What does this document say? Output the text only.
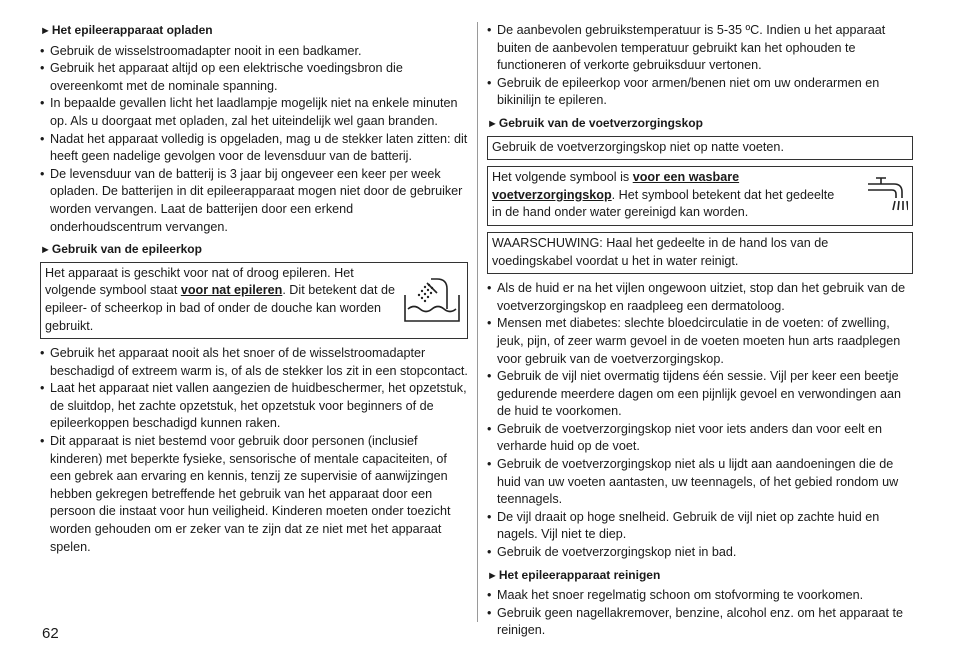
►Het epileerapparaat opladen
• Gebruik de wisselstroomadapter nooit in een badkamer.
• Gebruik het apparaat altijd op een elektrische voedingsbron die overeenkomt met de nominale spanning.
• In bepaalde gevallen licht het laadlampje mogelijk niet na enkele minuten op. Als u doorgaat met opladen, zal het uiteindelijk wel gaan branden.
• Nadat het apparaat volledig is opgeladen, mag u de stekker laten zitten: dit heeft geen nadelige gevolgen voor de levensduur van de batterij.
• De levensduur van de batterij is 3 jaar bij ongeveer een keer per week opladen. De batterijen in dit epileerapparaat mogen niet door de gebruiker worden vervangen. Laat de batterijen door een erkend onderhoudscentrum vervangen.
►Gebruik van de epileerkop
Het apparaat is geschikt voor nat of droog epileren. Het volgende symbool staat voor nat epileren. Dit betekent dat de epileer- of scheerkop in bad of onder de douche kan worden gebruikt.
• Gebruik het apparaat nooit als het snoer of de wisselstroomadapter beschadigd of extreem warm is, of als de stekker los zit in een stopcontact.
• Laat het apparaat niet vallen aangezien de huidbeschermer, het opzetstuk, de sluitdop, het zachte opzetstuk, het opzetstuk voor beginners of de epileerkoppen beschadigd kunnen raken.
• Dit apparaat is niet bestemd voor gebruik door personen (inclusief kinderen) met beperkte fysieke, sensorische of mentale capaciteiten, of een gebrek aan ervaring en kennis, tenzij ze supervisie of aanwijzingen hebben gekregen betreffende het gebruik van het apparaat door een persoon die instaat voor hun veiligheid. Kinderen moeten onder toezicht worden gehouden om er zeker van te zijn dat ze niet met het apparaat spelen.
• De aanbevolen gebruikstemperatuur is 5-35 ºC. Indien u het apparaat buiten de aanbevolen temperatuur gebruikt kan het ophouden te functioneren of verkorte gebruiksduur vertonen.
• Gebruik de epileerkop voor armen/benen niet om uw onderarmen en bikinilijn te epileren.
►Gebruik van de voetverzorgingskop
Gebruik de voetverzorgingskop niet op natte voeten.
Het volgende symbool is voor een wasbare voetverzorgingskop. Het symbool betekent dat het gedeelte in de hand onder water gereinigd kan worden.
WAARSCHUWING: Haal het gedeelte in de hand los van de voedingskabel voordat u het in water reinigt.
• Als de huid er na het vijlen ongewoon uitziet, stop dan het gebruik van de voetverzorgingskop en raadpleeg een dermatoloog.
• Mensen met diabetes: slechte bloedcirculatie in de voeten: of zwelling, jeuk, pijn, of zeer warm gevoel in de voeten moeten hun arts raadplegen voor gebruik van de voetverzorgingskop.
• Gebruik de vijl niet overmatig tijdens één sessie. Vijl per keer een beetje gedurende meerdere dagen om een pijnlijk gevoel en verwondingen aan de huid te voorkomen.
• Gebruik de voetverzorgingskop niet voor iets anders dan voor eelt en verharde huid op de voet.
• Gebruik de voetverzorgingskop niet als u lijdt aan aandoeningen die de huid van uw voeten aantasten, uw teennagels, of het gebied rondom uw teennagels.
• De vijl draait op hoge snelheid. Gebruik de vijl niet op zachte huid en nagels. Vijl niet te diep.
• Gebruik de voetverzorgingskop niet in bad.
►Het epileerapparaat reinigen
• Maak het snoer regelmatig schoon om stofvorming te voorkomen.
• Gebruik geen nagellakremover, benzine, alcohol enz. om het apparaat te reinigen.
62
